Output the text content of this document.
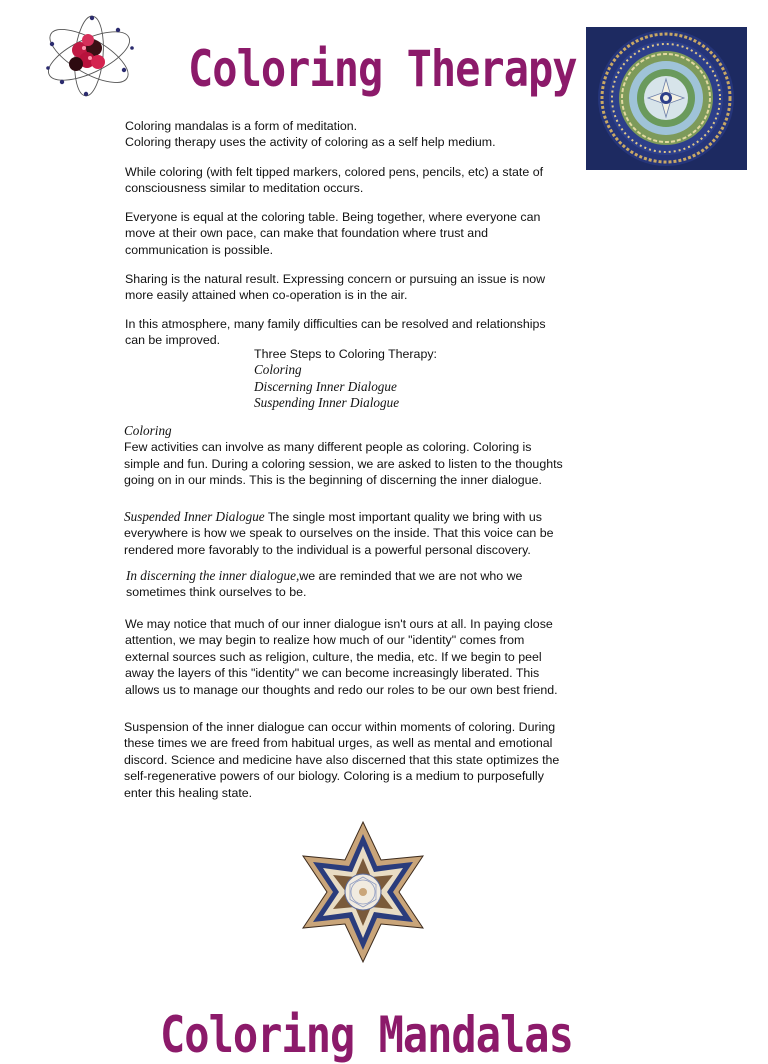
Coloring Therapy
Coloring mandalas is a form of meditation.
Coloring therapy uses the activity of coloring as a self help medium.

While coloring (with felt tipped markers, colored pens, pencils, etc) a state of consciousness similar to meditation occurs.

Everyone is equal at the coloring table. Being together, where everyone can move at their own pace, can make that foundation where trust and communication is possible.

Sharing is the natural result. Expressing concern or pursuing an issue is now more easily attained when co-operation is in the air.

In this atmosphere, many family difficulties can be resolved and relationships can be improved.

Three Steps to Coloring Therapy:
Coloring
Discerning Inner Dialogue
Suspending Inner Dialogue
Coloring
Few activities can involve as many different people as coloring. Coloring is simple and fun. During a coloring session, we are asked to listen to the thoughts going on in our minds. This is the beginning of discerning the inner dialogue.

Suspended Inner Dialogue The single most important quality we bring with us everywhere is how we speak to ourselves on the inside. That this voice can be rendered more favorably to the individual is a powerful personal discovery.

In discerning the inner dialogue,we are reminded that we are not who we sometimes think ourselves to be.

We may notice that much of our inner dialogue isn't ours at all. In paying close attention, we may begin to realize how much of our "identity" comes from external sources such as religion, culture, the media, etc. If we begin to peel away the layers of this "identity" we can become increasingly liberated. This allows us to manage our thoughts and redo our roles to be our own best friend.

Suspension of the inner dialogue can occur within moments of coloring. During these times we are freed from habitual urges, as well as mental and emotional discord. Science and medicine have also discerned that this state optimizes the self-regenerative powers of our biology. Coloring is a medium to purposefully enter this healing state.

Coloring Mandalas
